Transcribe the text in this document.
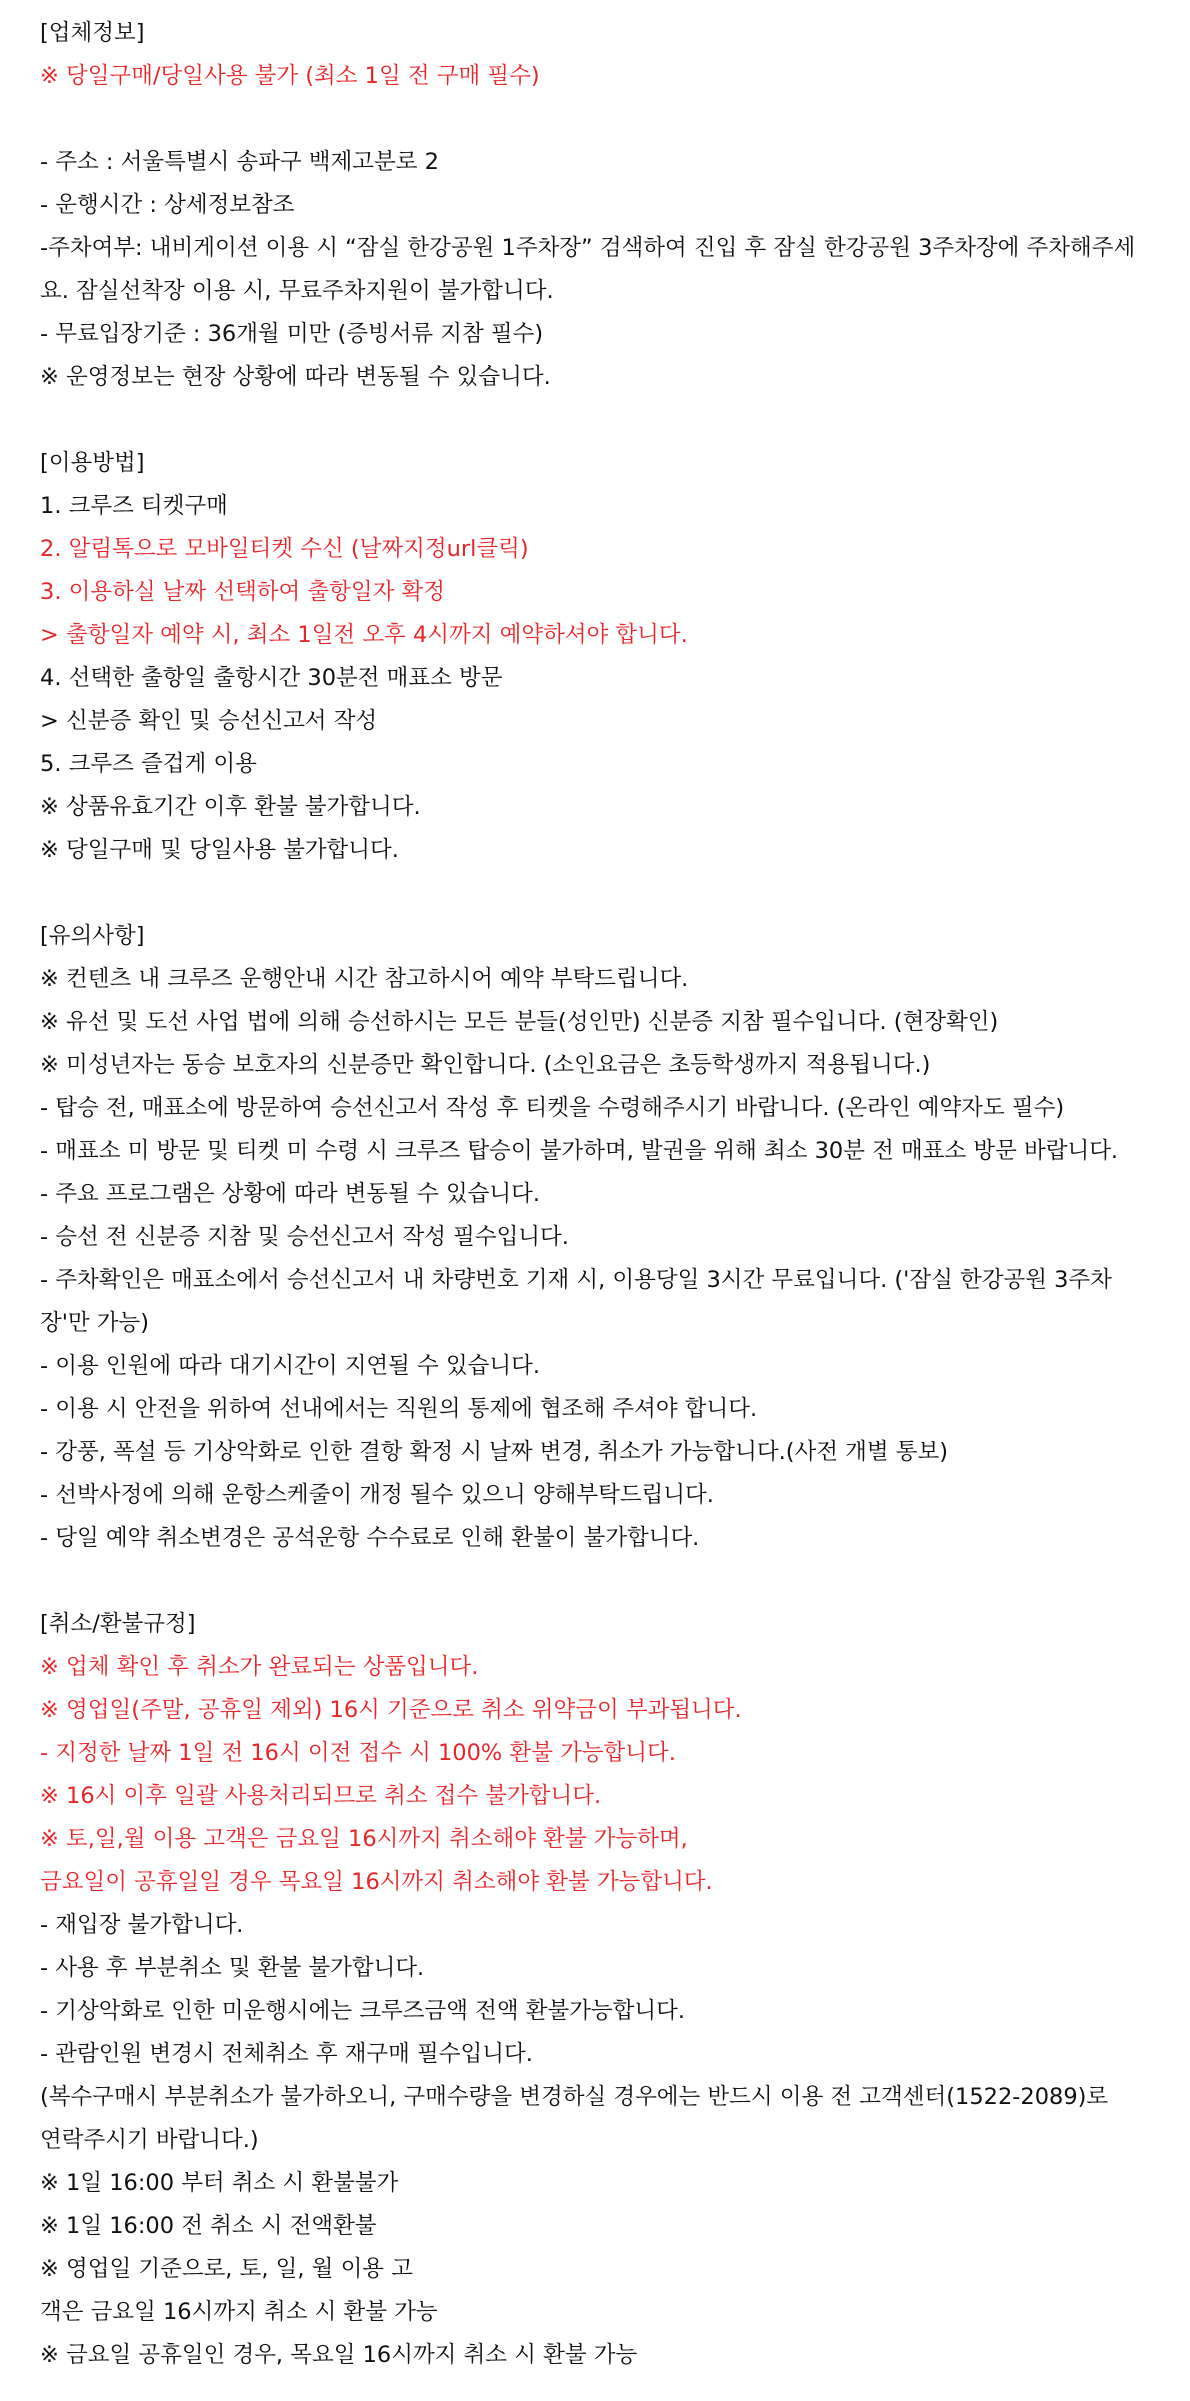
[업체정보]
※ 당일구매/당일사용 불가 (최소 1일 전 구매 필수)
- 주소 : 서울특별시 송파구 백제고분로 2
- 운행시간 : 상세정보참조
-주차여부: 내비게이션 이용 시 “잠실 한강공원 1주차장” 검색하여 진입 후 잠실 한강공원 3주차장에 주차해주세
요. 잠실선착장 이용 시, 무료주차지원이 불가합니다.
- 무료입장기준 : 36개월 미만 (증빙서류 지참 필수)
※ 운영정보는 현장 상황에 따라 변동될 수 있습니다.
[이용방법]
1. 크루즈 티켓구매
2. 알림톡으로 모바일티켓 수신 (날짜지정url클릭)
3. 이용하실 날짜 선택하여 출항일자 확정
> 출항일자 예약 시, 최소 1일전 오후 4시까지 예약하셔야 합니다.
4. 선택한 출항일 출항시간 30분전 매표소 방문
> 신분증 확인 및 승선신고서 작성
5. 크루즈 즐겁게 이용
※ 상품유효기간 이후 환불 불가합니다.
※ 당일구매 및 당일사용 불가합니다.
[유의사항]
※ 컨텐츠 내 크루즈 운행안내 시간 참고하시어 예약 부탁드립니다.
※ 유선 및 도선 사업 법에 의해 승선하시는 모든 분들(성인만) 신분증 지참 필수입니다. (현장확인)
※ 미성년자는 동승 보호자의 신분증만 확인합니다. (소인요금은 초등학생까지 적용됩니다.)
- 탑승 전, 매표소에 방문하여 승선신고서 작성 후 티켓을 수령해주시기 바랍니다. (온라인 예약자도 필수)
- 매표소 미 방문 및 티켓 미 수령 시 크루즈 탑승이 불가하며, 발권을 위해 최소 30분 전 매표소 방문 바랍니다.
- 주요 프로그램은 상황에 따라 변동될 수 있습니다.
- 승선 전 신분증 지참 및 승선신고서 작성 필수입니다.
- 주차확인은 매표소에서 승선신고서 내 차량번호 기재 시, 이용당일 3시간 무료입니다. ('잠실 한강공원 3주차
장'만 가능)
- 이용 인원에 따라 대기시간이 지연될 수 있습니다.
- 이용 시 안전을 위하여 선내에서는 직원의 통제에 협조해 주셔야 합니다.
- 강풍, 폭설 등 기상악화로 인한 결항 확정 시 날짜 변경, 취소가 가능합니다.(사전 개별 통보)
- 선박사정에 의해 운항스케줄이 개정 될수 있으니 양해부탁드립니다.
- 당일 예약 취소변경은 공석운항 수수료로 인해 환불이 불가합니다.
[취소/환불규정]
※ 업체 확인 후 취소가 완료되는 상품입니다.
※ 영업일(주말, 공휴일 제외) 16시 기준으로 취소 위약금이 부과됩니다.
- 지정한 날짜 1일 전 16시 이전 접수 시 100% 환불 가능합니다.
※ 16시 이후 일괄 사용처리되므로 취소 접수 불가합니다.
※ 토,일,월 이용 고객은 금요일 16시까지 취소해야 환불 가능하며,
금요일이 공휴일일 경우 목요일 16시까지 취소해야 환불 가능합니다.
- 재입장 불가합니다.
- 사용 후 부분취소 및 환불 불가합니다.
- 기상악화로 인한 미운행시에는 크루즈금액 전액 환불가능합니다.
- 관람인원 변경시 전체취소 후 재구매 필수입니다.
(복수구매시 부분취소가 불가하오니, 구매수량을 변경하실 경우에는 반드시 이용 전 고객센터(1522-2089)로
연락주시기 바랍니다.)
※ 1일 16:00 부터 취소 시 환불불가
※ 1일 16:00 전 취소 시 전액환불
※ 영업일 기준으로, 토, 일, 월 이용 고
객은 금요일 16시까지 취소 시 환불 가능
※ 금요일 공휴일인 경우, 목요일 16시까지 취소 시 환불 가능
